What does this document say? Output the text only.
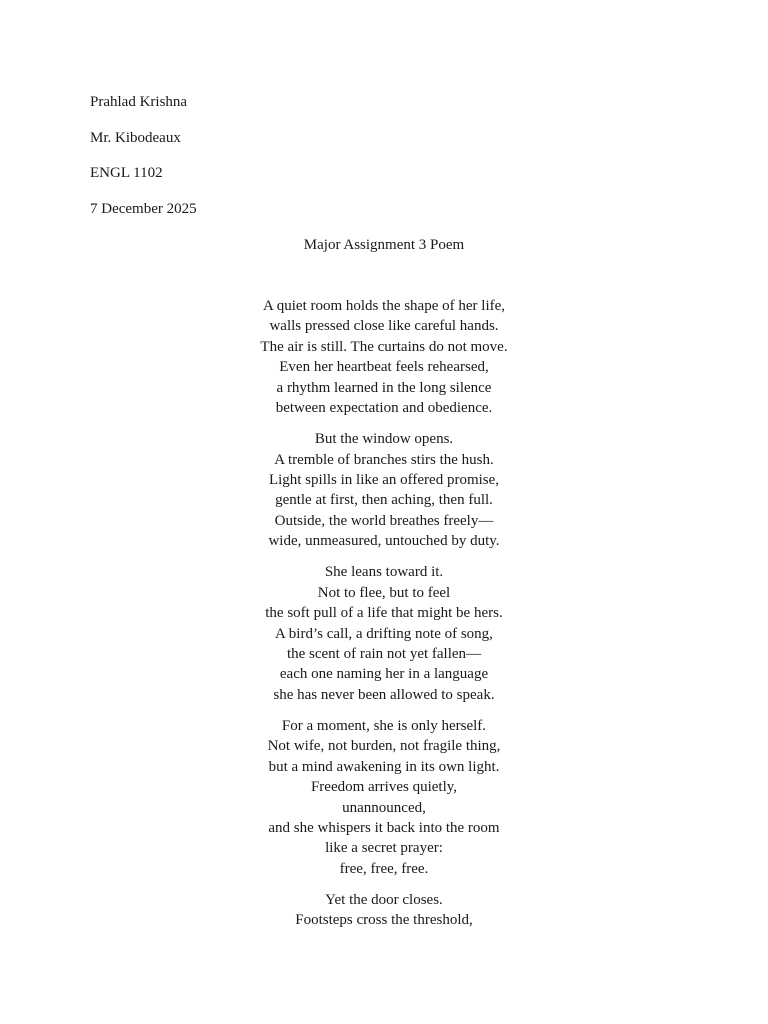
Prahlad Krishna

Mr. Kibodeaux

ENGL 1102

7 December 2025

Major Assignment 3 Poem

A quiet room holds the shape of her life,
walls pressed close like careful hands.
The air is still. The curtains do not move.
Even her heartbeat feels rehearsed,
a rhythm learned in the long silence
between expectation and obedience.
But the window opens.
A tremble of branches stirs the hush.
Light spills in like an offered promise,
gentle at first, then aching, then full.
Outside, the world breathes freely—
wide, unmeasured, untouched by duty.
She leans toward it.
Not to flee, but to feel
the soft pull of a life that might be hers.
A bird’s call, a drifting note of song,
the scent of rain not yet fallen—
each one naming her in a language
she has never been allowed to speak.
For a moment, she is only herself.
Not wife, not burden, not fragile thing,
but a mind awakening in its own light.
Freedom arrives quietly,
unannounced,
and she whispers it back into the room
like a secret prayer:
free, free, free.
Yet the door closes.
Footsteps cross the threshold,
